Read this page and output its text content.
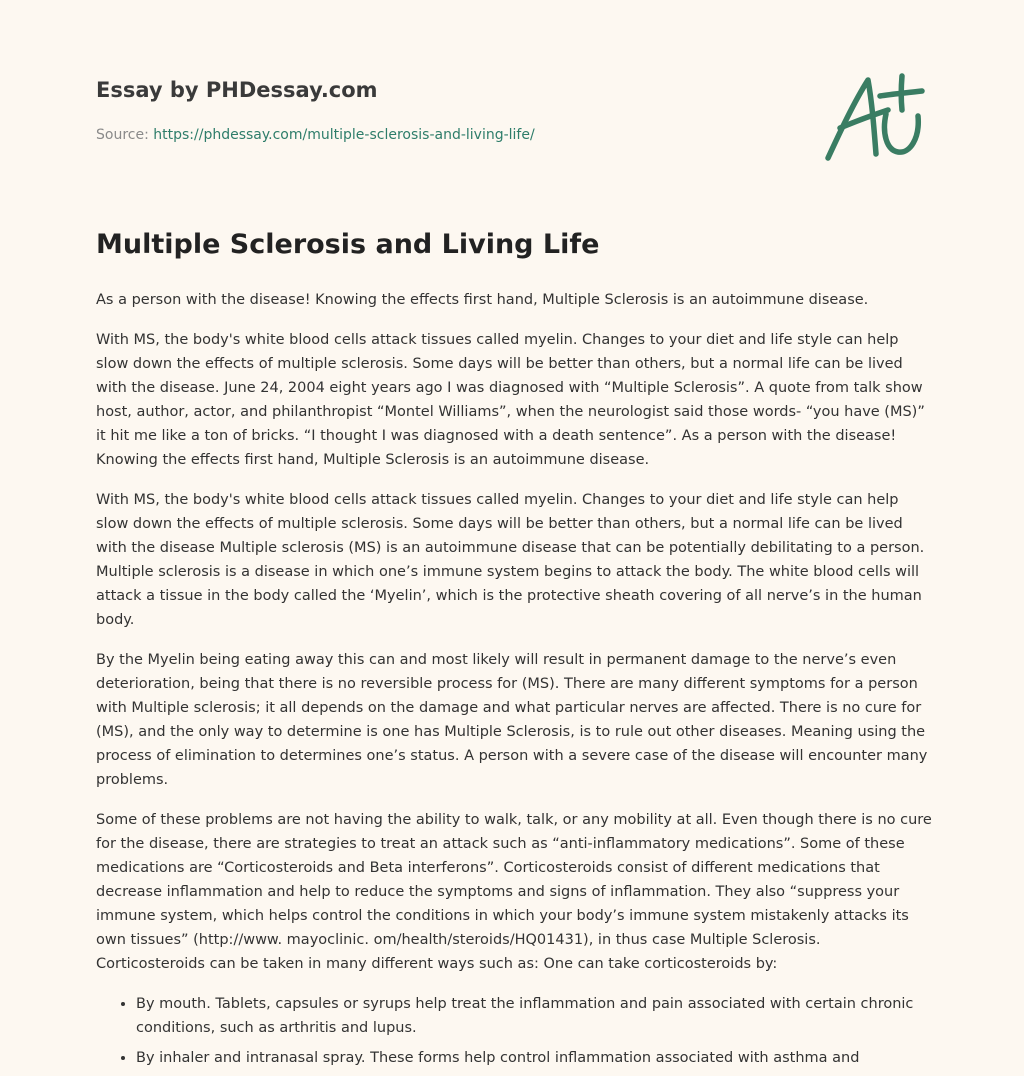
Essay by PHDessay.com
Source: https://phdessay.com/multiple-sclerosis-and-living-life/
Multiple Sclerosis and Living Life

As a person with the disease! Knowing the effects first hand, Multiple Sclerosis is an autoimmune disease.

With MS, the body's white blood cells attack tissues called myelin. Changes to your diet and life style can help slow down the effects of multiple sclerosis. Some days will be better than others, but a normal life can be lived with the disease. June 24, 2004 eight years ago I was diagnosed with “Multiple Sclerosis”. A quote from talk show host, author, actor, and philanthropist “Montel Williams”, when the neurologist said those words- “you have (MS)” it hit me like a ton of bricks. “I thought I was diagnosed with a death sentence”. As a person with the disease! Knowing the effects first hand, Multiple Sclerosis is an autoimmune disease.

With MS, the body's white blood cells attack tissues called myelin. Changes to your diet and life style can help slow down the effects of multiple sclerosis. Some days will be better than others, but a normal life can be lived with the disease Multiple sclerosis (MS) is an autoimmune disease that can be potentially debilitating to a person. Multiple sclerosis is a disease in which one’s immune system begins to attack the body. The white blood cells will attack a tissue in the body called the ‘Myelin’, which is the protective sheath covering of all nerve’s in the human body.

By the Myelin being eating away this can and most likely will result in permanent damage to the nerve’s even deterioration, being that there is no reversible process for (MS). There are many different symptoms for a person with Multiple sclerosis; it all depends on the damage and what particular nerves are affected. There is no cure for (MS), and the only way to determine is one has Multiple Sclerosis, is to rule out other diseases. Meaning using the process of elimination to determines one’s status. A person with a severe case of the disease will encounter many problems.

Some of these problems are not having the ability to walk, talk, or any mobility at all. Even though there is no cure for the disease, there are strategies to treat an attack such as “anti-inflammatory medications”. Some of these medications are “Corticosteroids and Beta interferons”. Corticosteroids consist of different medications that decrease inflammation and help to reduce the symptoms and signs of inflammation. They also “suppress your immune system, which helps control the conditions in which your body’s immune system mistakenly attacks its own tissues” (http://www. mayoclinic. om/health/steroids/HQ01431), in thus case Multiple Sclerosis. Corticosteroids can be taken in many different ways such as: One can take corticosteroids by:

• By mouth. Tablets, capsules or syrups help treat the inflammation and pain associated with certain chronic conditions, such as arthritis and lupus.
• By inhaler and intranasal spray. These forms help control inflammation associated with asthma and
